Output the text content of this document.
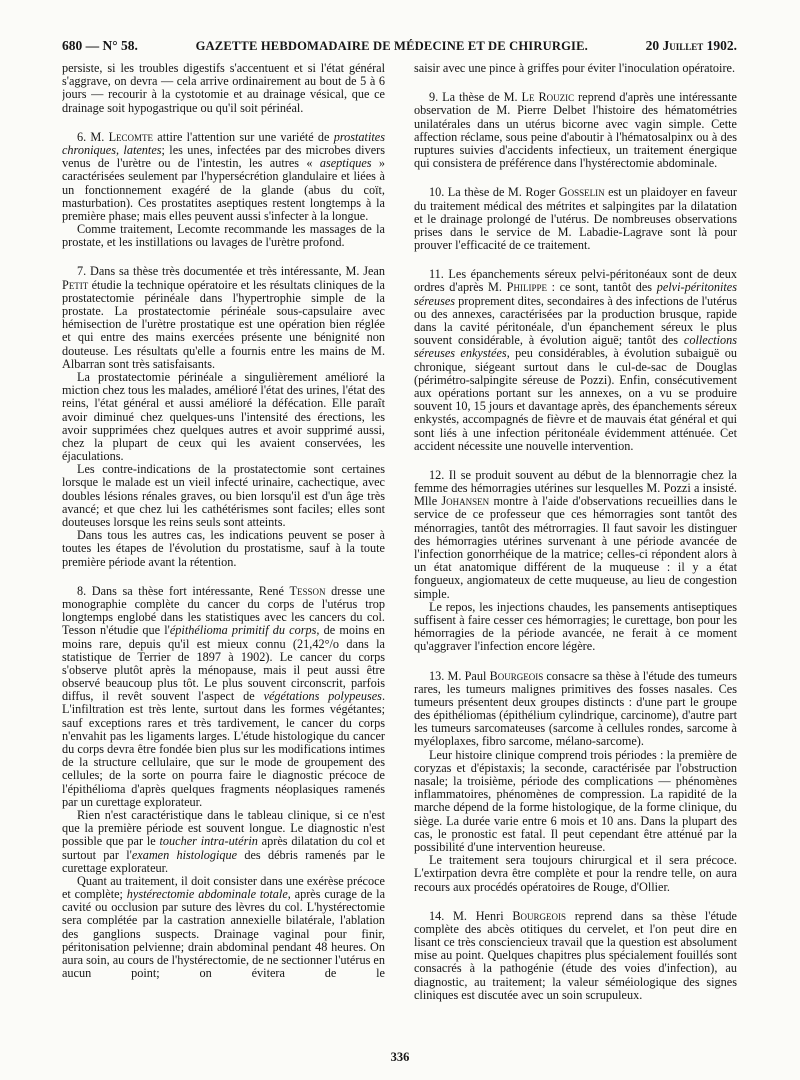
680 — N° 58.	GAZETTE HEBDOMADAIRE DE MÉDECINE ET DE CHIRURGIE.	20 Juillet 1902.

persiste, si les troubles digestifs s'accentuent et si l'état général s'aggrave, on devra — cela arrive ordinairement au bout de 5 à 6 jours — recourir à la cystotomie et au drainage vésical, que ce drainage soit hypogastrique ou qu'il soit périnéal.

6. M. Lecomte attire l'attention sur une variété de prostatites chroniques, latentes; les unes, infectées par des microbes divers venus de l'urètre ou de l'intestin, les autres « aseptiques » caractérisées seulement par l'hypersécrétion glandulaire et liées à un fonctionnement exagéré de la glande (abus du coït, masturbation). Ces prostatites aseptiques restent longtemps à la première phase; mais elles peuvent aussi s'infecter à la longue.

Comme traitement, Lecomte recommande les massages de la prostate, et les instillations ou lavages de l'urètre profond.

7. Dans sa thèse très documentée et très intéressante, M. Jean Petit étudie la technique opératoire et les résultats cliniques de la prostatectomie périnéale dans l'hypertrophie simple de la prostate. La prostatectomie périnéale sous-capsulaire avec hémisection de l'urètre prostatique est une opération bien réglée et qui entre des mains exercées présente une bénignité non douteuse. Les résultats qu'elle a fournis entre les mains de M. Albarran sont très satisfaisants.

La prostatectomie périnéale a singulièrement amélioré la miction chez tous les malades, amélioré l'état des urines, l'état des reins, l'état général et aussi amélioré la défécation. Elle paraît avoir diminué chez quelques-uns l'intensité des érections, les avoir supprimées chez quelques autres et avoir supprimé aussi, chez la plupart de ceux qui les avaient conservées, les éjaculations.

Les contre-indications de la prostatectomie sont certaines lorsque le malade est un vieil infecté urinaire, cachectique, avec doubles lésions rénales graves, ou bien lorsqu'il est d'un âge très avancé; et que chez lui les cathétérismes sont faciles; elles sont douteuses lorsque les reins seuls sont atteints.

Dans tous les autres cas, les indications peuvent se poser à toutes les étapes de l'évolution du prostatisme, sauf à la toute première période avant la rétention.

8. Dans sa thèse fort intéressante, René Tesson dresse une monographie complète du cancer du corps de l'utérus trop longtemps englobé dans les statistiques avec les cancers du col. Tesson n'étudie que l'épithélioma primitif du corps, de moins en moins rare, depuis qu'il est mieux connu (21,42°/o dans la statistique de Terrier de 1897 à 1902). Le cancer du corps s'observe plutôt après la ménopause, mais il peut aussi être observé beaucoup plus tôt. Le plus souvent circonscrit, parfois diffus, il revêt souvent l'aspect de végétations polypeuses. L'infiltration est très lente, surtout dans les formes végétantes; sauf exceptions rares et très tardivement, le cancer du corps n'envahit pas les ligaments larges. L'étude histologique du cancer du corps devra être fondée bien plus sur les modifications intimes de la structure cellulaire, que sur le mode de groupement des cellules; de la sorte on pourra faire le diagnostic précoce de l'épithélioma d'après quelques fragments néoplasiques ramenés par un curettage explorateur.

Rien n'est caractéristique dans le tableau clinique, si ce n'est que la première période est souvent longue. Le diagnostic n'est possible que par le toucher intra-utérin après dilatation du col et surtout par l'examen histologique des débris ramenés par le curettage explorateur.

Quant au traitement, il doit consister dans une exérèse précoce et complète; hystérectomie abdominale totale, après curage de la cavité ou occlusion par suture des lèvres du col. L'hystérectomie sera complétée par la castration annexielle bilatérale, l'ablation des ganglions suspects. Drainage vaginal pour finir, péritonisation pelvienne; drain abdominal pendant 48 heures. On aura soin, au cours de l'hystérectomie, de ne sectionner l'utérus en aucun point; on évitera de le

saisir avec une pince à griffes pour éviter l'inoculation opératoire.

9. La thèse de M. Le Rouzic reprend d'après une intéressante observation de M. Pierre Delbet l'histoire des hématométries unilatérales dans un utérus bicorne avec vagin simple. Cette affection réclame, sous peine d'aboutir à l'hématosalpinx ou à des ruptures suivies d'accidents infectieux, un traitement énergique qui consistera de préférence dans l'hystérectomie abdominale.

10. La thèse de M. Roger Gosselin est un plaidoyer en faveur du traitement médical des métrites et salpingites par la dilatation et le drainage prolongé de l'utérus. De nombreuses observations prises dans le service de M. Labadie-Lagrave sont là pour prouver l'efficacité de ce traitement.

11. Les épanchements séreux pelvi-péritonéaux sont de deux ordres d'après M. Philippe : ce sont, tantôt des pelvi-péritonites séreuses proprement dites, secondaires à des infections de l'utérus ou des annexes, caractérisées par la production brusque, rapide dans la cavité péritonéale, d'un épanchement séreux le plus souvent considérable, à évolution aiguë; tantôt des collections séreuses enkystées, peu considérables, à évolution subaiguë ou chronique, siégeant surtout dans le cul-de-sac de Douglas (périmétro-salpingite séreuse de Pozzi). Enfin, consécutivement aux opérations portant sur les annexes, on a vu se produire souvent 10, 15 jours et davantage après, des épanchements séreux enkystés, accompagnés de fièvre et de mauvais état général et qui sont liés à une infection péritonéale évidemment atténuée. Cet accident nécessite une nouvelle intervention.

12. Il se produit souvent au début de la blennorragie chez la femme des hémorragies utérines sur lesquelles M. Pozzi a insisté. Mlle Johansen montre à l'aide d'observations recueillies dans le service de ce professeur que ces hémorragies sont tantôt des ménorragies, tantôt des métrorragies. Il faut savoir les distinguer des hémorragies utérines survenant à une période avancée de l'infection gonorrhéique de la matrice; celles-ci répondent alors à un état anatomique différent de la muqueuse : il y a état fongueux, angiomateux de cette muqueuse, au lieu de congestion simple.

Le repos, les injections chaudes, les pansements antiseptiques suffisent à faire cesser ces hémorragies; le curettage, bon pour les hémorragies de la période avancée, ne ferait à ce moment qu'aggraver l'infection encore légère.

13. M. Paul Bourgeois consacre sa thèse à l'étude des tumeurs rares, les tumeurs malignes primitives des fosses nasales. Ces tumeurs présentent deux groupes distincts : d'une part le groupe des épithéliomas (épithélium cylindrique, carcinome), d'autre part les tumeurs sarcomateuses (sarcome à cellules rondes, sarcome à myéloplaxes, fibro sarcome, mélano-sarcome).

Leur histoire clinique comprend trois périodes : la première de coryzas et d'épistaxis; la seconde, caractérisée par l'obstruction nasale; la troisième, période des complications — phénomènes inflammatoires, phénomènes de compression. La rapidité de la marche dépend de la forme histologique, de la forme clinique, du siège. La durée varie entre 6 mois et 10 ans. Dans la plupart des cas, le pronostic est fatal. Il peut cependant être atténué par la possibilité d'une intervention heureuse.

Le traitement sera toujours chirurgical et il sera précoce. L'extirpation devra être complète et pour la rendre telle, on aura recours aux procédés opératoires de Rouge, d'Ollier.

14. M. Henri Bourgeois reprend dans sa thèse l'étude complète des abcès otitiques du cervelet, et l'on peut dire en lisant ce très consciencieux travail que la question est absolument mise au point. Quelques chapitres plus spécialement fouillés sont consacrés à la pathogénie (étude des voies d'infection), au diagnostic, au traitement; la valeur séméiologique des signes cliniques est discutée avec un soin scrupuleux.

336
